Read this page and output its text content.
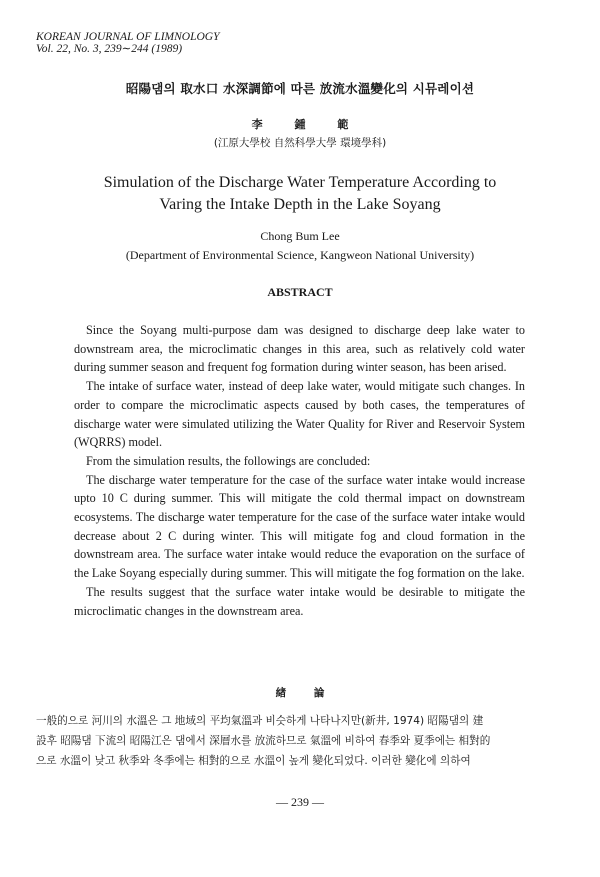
KOREAN JOURNAL OF LIMNOLOGY
Vol. 22, No. 3, 239∼244 (1989)
昭陽댐의 取水口 水深調節에 따른 放流水溫變化의 시뮤레이션
李 鍾 範
(江原大學校 自然科學大學 環境學科)
Simulation of the Discharge Water Temperature According to
Varing the Intake Depth in the Lake Soyang
Chong Bum Lee
(Department of Environmental Science, Kangweon National University)
ABSTRACT

Since the Soyang multi-purpose dam was designed to discharge deep lake water to downstream area, the microclimatic changes in this area, such as relatively cold water during summer season and frequent fog formation during winter season, has been arised.

The intake of surface water, instead of deep lake water, would mitigate such changes. In order to compare the microclimatic aspects caused by both cases, the temperatures of discharge water were simulated utilizing the Water Quality for River and Reservoir System (WQRRS) model.

From the simulation results, the followings are concluded:

The discharge water temperature for the case of the surface water intake would increase upto 10 C during summer. This will mitigate the cold thermal impact on downstream ecosystems. The discharge water temperature for the case of the surface water intake would decrease about 2 C during winter. This will mitigate fog and cloud formation in the downstream area. The surface water intake would reduce the evaporation on the surface of the Lake Soyang especially during summer. This will mitigate the fog formation on the lake.

The results suggest that the surface water intake would be desirable to mitigate the microclimatic changes in the downstream area.

緖 論
一般的으로 河川의 水溫은 그 地域의 平均氣溫과 비슷하게 나타나지만(新井, 1974) 昭陽댐의 建
設후 昭陽댐 下流의 昭陽江은 댐에서 深層水를 放流하므로 氣溫에 비하여 春季와 夏季에는 相對的
으로 水溫이 낮고 秋季와 冬季에는 相對的으로 水溫이 높게 變化되었다. 이러한 變化에 의하여
— 239 —
